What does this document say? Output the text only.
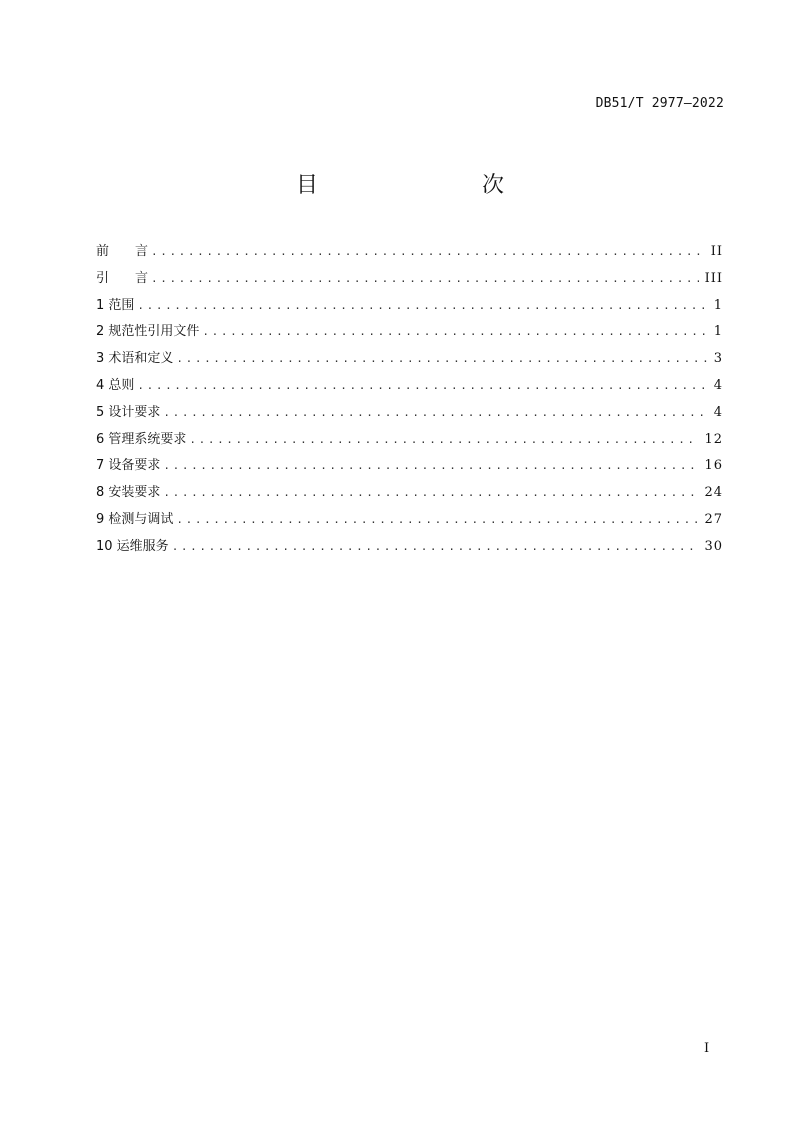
DB51/T 2977—2022
目　　次
前　　言 .....	II
引　　言 .....	III
1 范围 .....	1
2 规范性引用文件 .....	1
3 术语和定义 .....	3
4 总则 .....	4
5 设计要求 .....	4
6 管理系统要求 .....	12
7 设备要求 .....	16
8 安装要求 .....	24
9 检测与调试 .....	27
10 运维服务 .....	30
I
